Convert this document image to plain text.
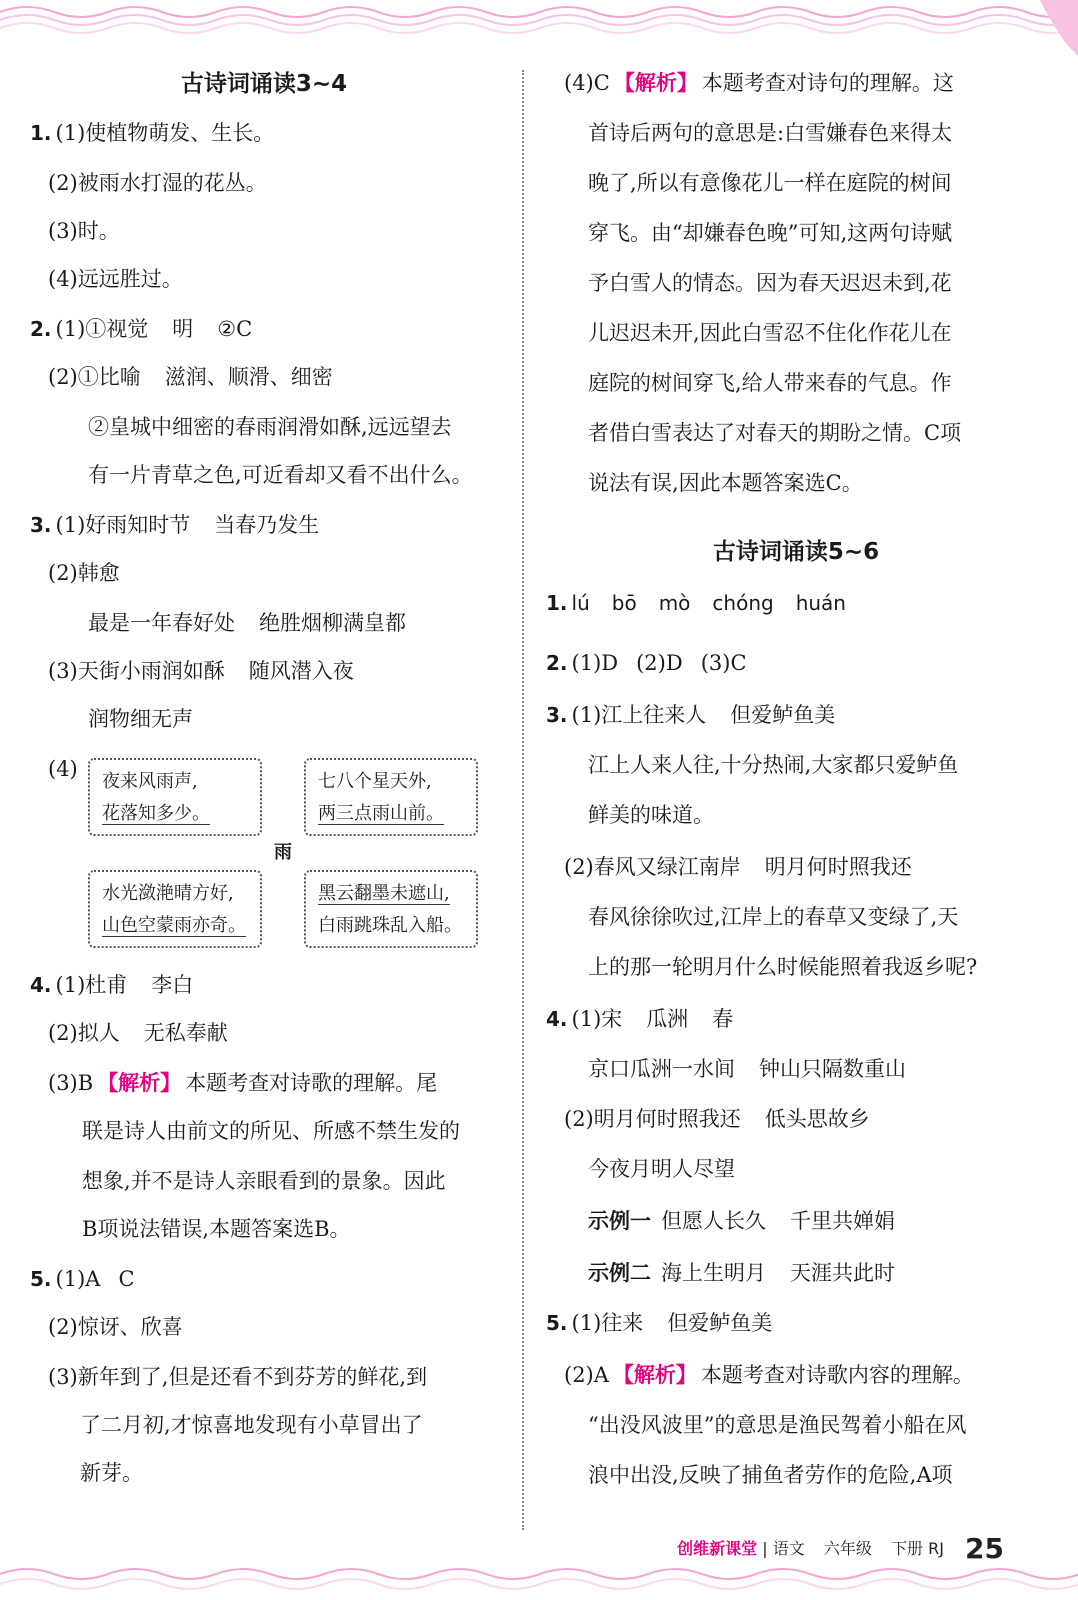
古诗词诵读3~4
1. (1)使植物萌发、生长。
(2)被雨水打湿的花丛。
(3)时。
(4)远远胜过。
2. (1)①视觉 明 ②C
(2)①比喻 滋润、顺滑、细密
②皇城中细密的春雨润滑如酥,远远望去
有一片青草之色,可近看却又看不出什么。
3. (1)好雨知时节 当春乃发生
(2)韩愈
最是一年春好处 绝胜烟柳满皇都
(3)天街小雨润如酥 随风潜入夜
润物细无声
(4)
夜来风雨声,
花落知多少。
七八个星天外,
两三点雨山前。
雨
水光潋滟晴方好,
山色空蒙雨亦奇。
黑云翻墨未遮山,
白雨跳珠乱入船。
4. (1)杜甫 李白
(2)拟人 无私奉献
(3)B 【解析】 本题考查对诗歌的理解。尾
联是诗人由前文的所见、所感不禁生发的
想象,并不是诗人亲眼看到的景象。因此
B项说法错误,本题答案选B。
5. (1)A C
(2)惊讶、欣喜
(3)新年到了,但是还看不到芬芳的鲜花,到
了二月初,才惊喜地发现有小草冒出了
新芽。
(4)C 【解析】 本题考查对诗句的理解。这
首诗后两句的意思是:白雪嫌春色来得太
晚了,所以有意像花儿一样在庭院的树间
穿飞。由“却嫌春色晚”可知,这两句诗赋
予白雪人的情态。因为春天迟迟未到,花
儿迟迟未开,因此白雪忍不住化作花儿在
庭院的树间穿飞,给人带来春的气息。作
者借白雪表达了对春天的期盼之情。C项
说法有误,因此本题答案选C。
古诗词诵读5~6
1. lú bō mò chóng huán
2. (1)D (2)D (3)C
3. (1)江上往来人 但爱鲈鱼美
江上人来人往,十分热闹,大家都只爱鲈鱼
鲜美的味道。
(2)春风又绿江南岸 明月何时照我还
春风徐徐吹过,江岸上的春草又变绿了,天
上的那一轮明月什么时候能照着我返乡呢?
4. (1)宋 瓜洲 春
京口瓜洲一水间 钟山只隔数重山
(2)明月何时照我还 低头思故乡
今夜月明人尽望
示例一 但愿人长久 千里共婵娟
示例二 海上生明月 天涯共此时
5. (1)往来 但爱鲈鱼美
(2)A 【解析】 本题考查对诗歌内容的理解。
“出没风波里”的意思是渔民驾着小船在风
浪中出没,反映了捕鱼者劳作的危险,A项
创维新课堂 | 语文 六年级 下册 RJ 25
